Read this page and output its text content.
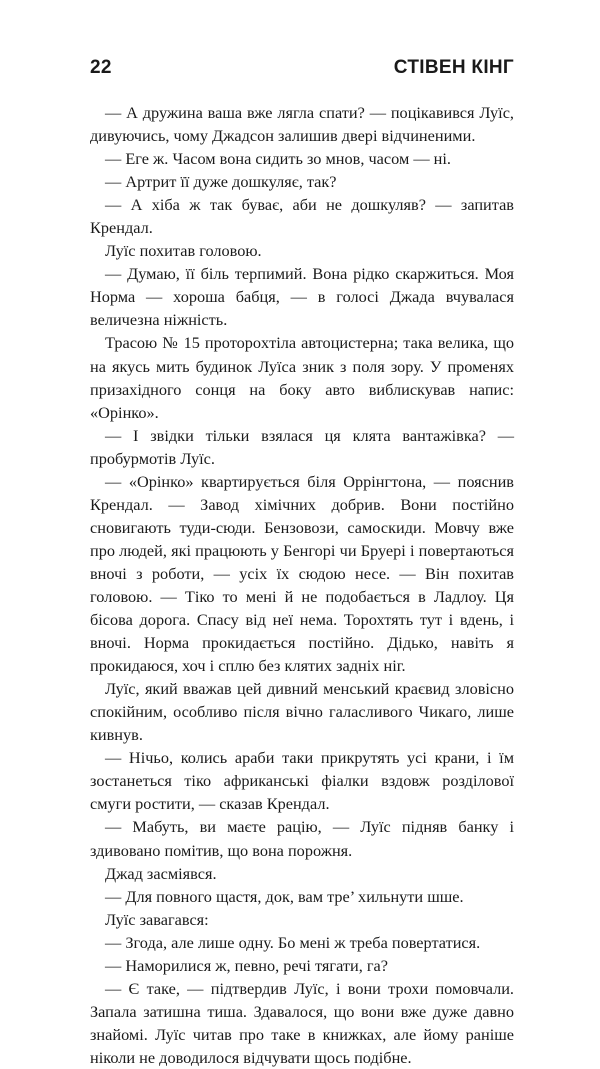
22	СТІВЕН КІНГ

— А дружина ваша вже лягла спати? — поцікавився Луїс, дивуючись, чому Джадсон залишив двері відчиненими.

— Еге ж. Часом вона сидить зо мнов, часом — ні.

— Артрит її дуже дошкуляє, так?

— А хіба ж так буває, аби не дошкуляв? — запитав Крендал.

Луїс похитав головою.

— Думаю, її біль терпимий. Вона рідко скаржиться. Моя Норма — хороша бабця, — в голосі Джада вчувалася величезна ніжність.

Трасою № 15 протороxтіла автоцистерна; така велика, що на якусь мить будинок Луїса зник з поля зору. У променях призахідного сонця на боку авто виблискував напис: «Орінко».

— І звідки тільки взялася ця клята вантажівка? — пробурмотів Луїс.

— «Орінко» квартирується біля Оррінгтона, — пояснив Крендал. — Завод хімічних добрив. Вони постійно сновигають туди-сюди. Бензовози, самоскиди. Мовчу вже про людей, які працюють у Бенгорі чи Бруері і повертаються вночі з роботи, — усіх їх сюдою несе. — Він похитав головою. — Тіко то мені й не подобається в Ладлоу. Ця бісова дорога. Спасу від неї нема. Торохтять тут і вдень, і вночі. Норма прокидається постійно. Дідько, навіть я прокидаюся, хоч і сплю без клятих задніх ніг.

Луїс, який вважав цей дивний менський краєвид зловісно спокійним, особливо після вічно галасливого Чикаго, лише кивнув.

— Нічьо, колись араби таки прикрутять усі крани, і їм зостанеться тіко африканські фіалки вздовж розділової смуги ростити, — сказав Крендал.

— Мабуть, ви маєте рацію, — Луїс підняв банку і здивовано помітив, що вона порожня.

Джад засміявся.

— Для повного щастя, док, вам тре’ хильнути шше.

Луїс завагався:

— Згода, але лише одну. Бо мені ж треба повертатися.

— Наморилися ж, певно, речі тягати, га?

— Є таке, — підтвердив Луїс, і вони трохи помовчали. Запала затишна тиша. Здавалося, що вони вже дуже давно знайомі. Луїс читав про таке в книжках, але йому раніше ніколи не доводилося відчувати щось подібне.
